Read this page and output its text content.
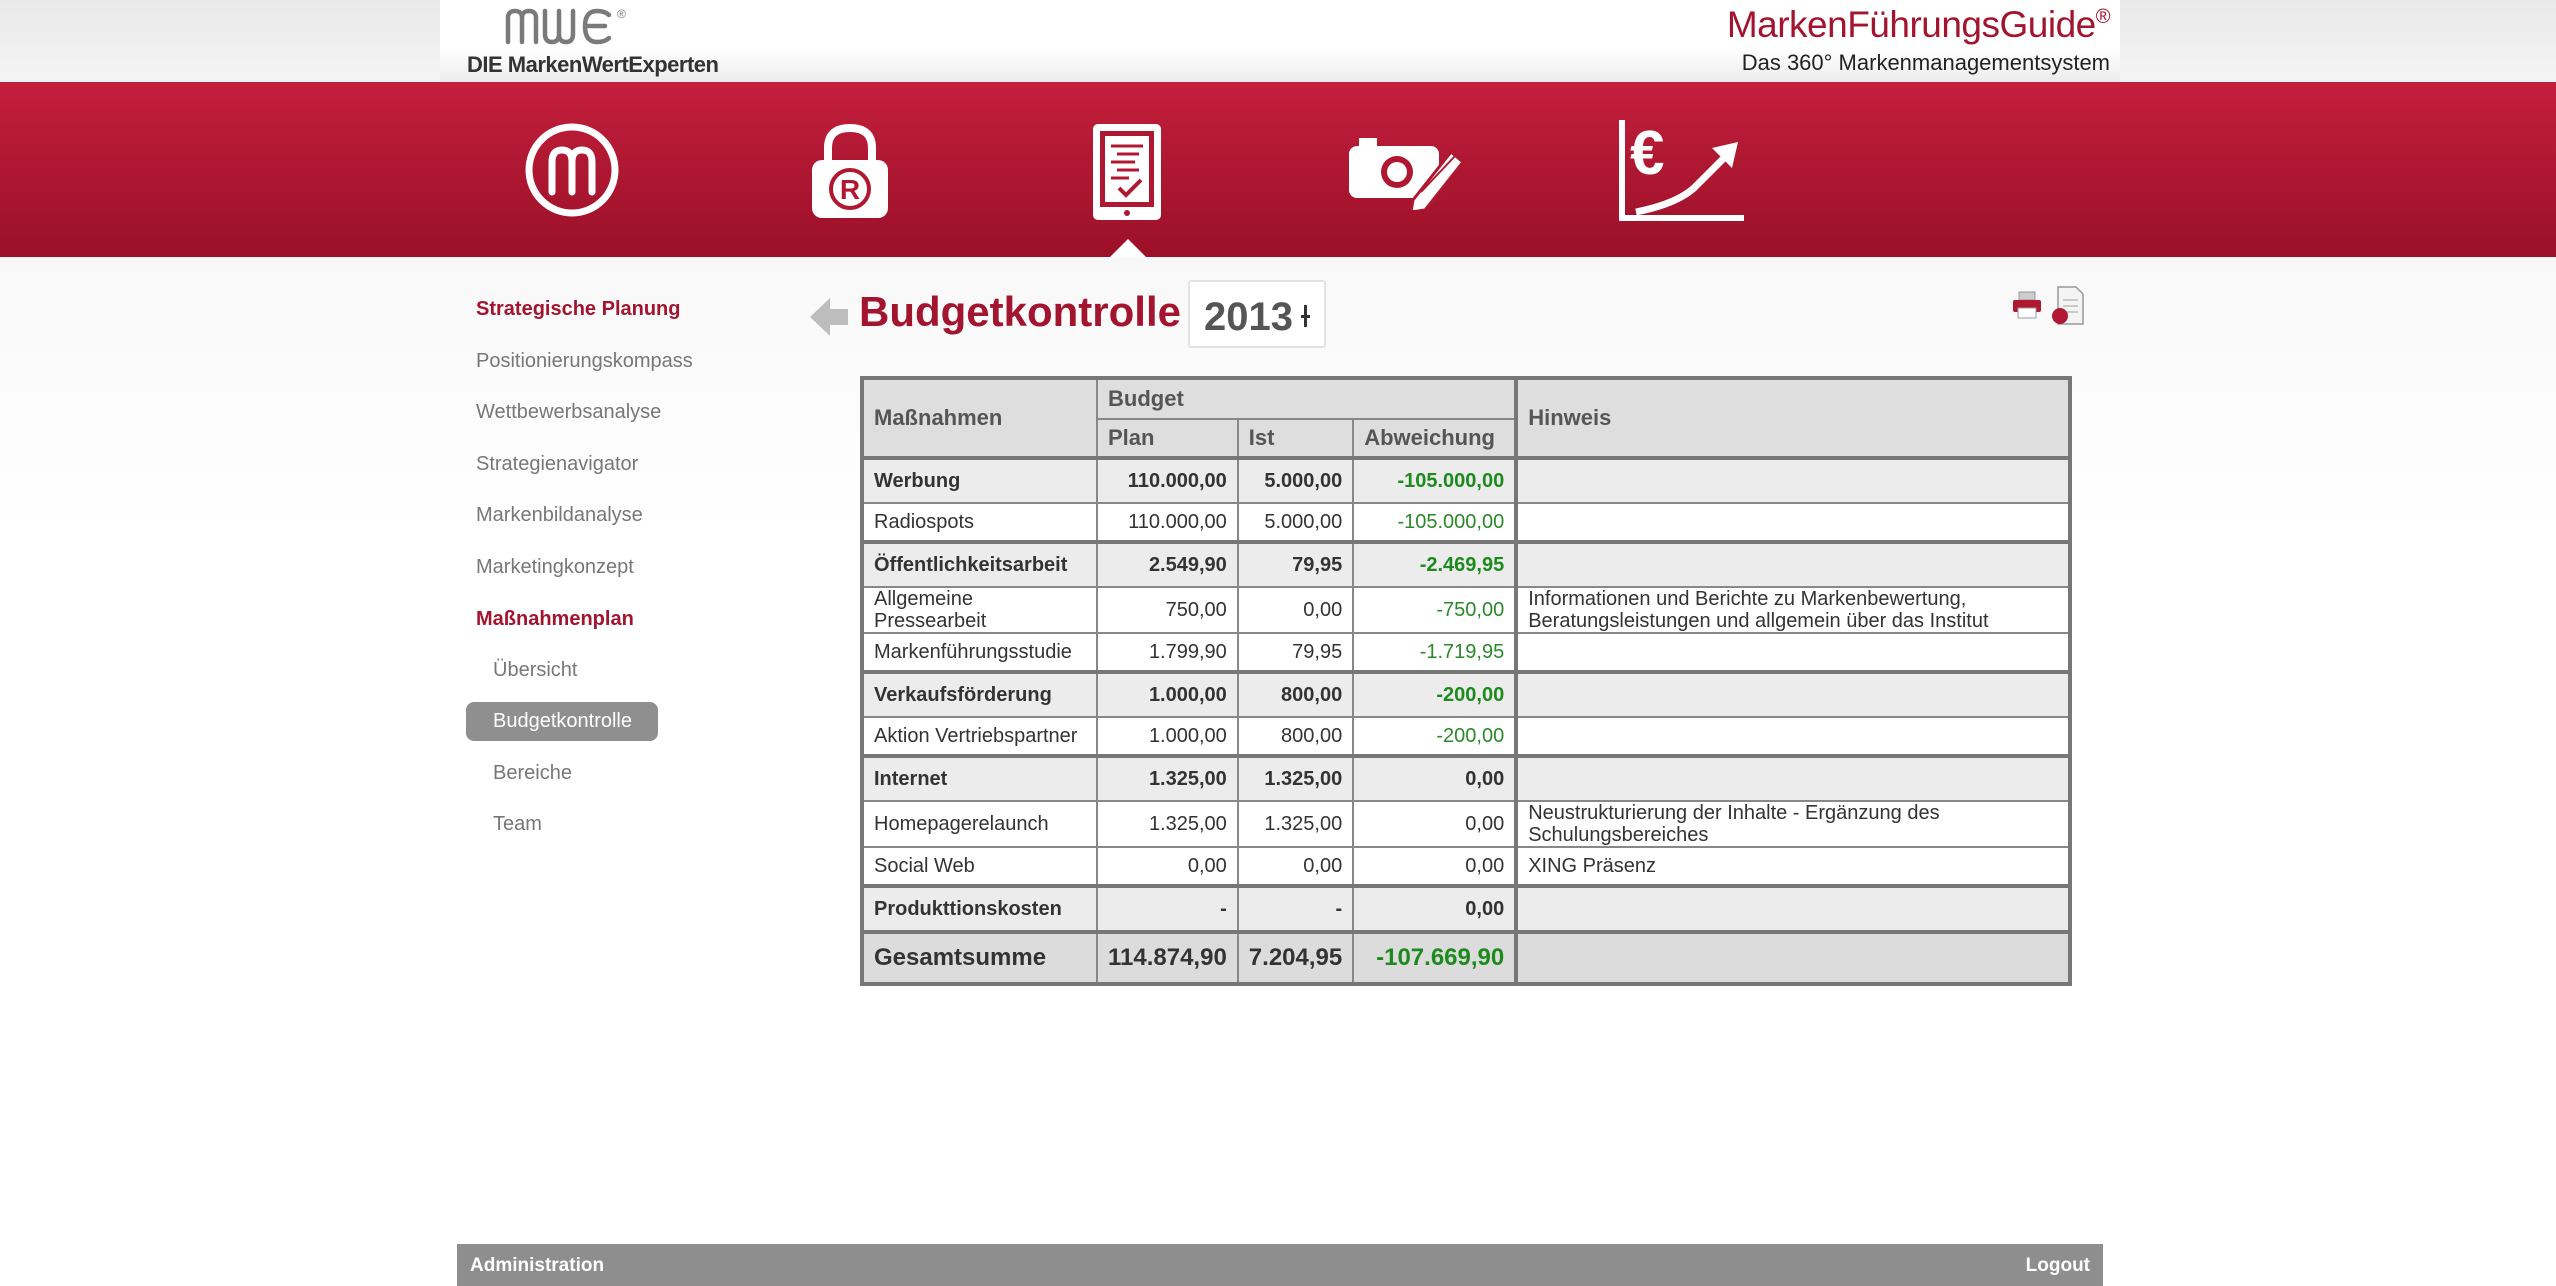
®
DIE MarkenWertExperten
MarkenFührungsGuide®
Das 360° Markenmanagementsystem
R
€
Strategische Planung
Positionierungskompass
Wettbewerbsanalyse
Strategienavigator
Markenbildanalyse
Marketingkonzept
Maßnahmenplan
Übersicht
Budgetkontrolle
Bereiche
Team
Budgetkontrolle 2013
Maßnahmen	Budget			Hinweis
	Plan	Ist	Abweichung	
Werbung	110.000,00	5.000,00	-105.000,00	
Radiospots	110.000,00	5.000,00	-105.000,00	
Öffentlichkeitsarbeit	2.549,90	79,95	-2.469,95	
Allgemeine Pressearbeit	750,00	0,00	-750,00	Informationen und Berichte zu Markenbewertung, Beratungsleistungen und allgemein über das Institut
Markenführungsstudie	1.799,90	79,95	-1.719,95	
Verkaufsförderung	1.000,00	800,00	-200,00	
Aktion Vertriebspartner	1.000,00	800,00	-200,00	
Internet	1.325,00	1.325,00	0,00	
Homepagerelaunch	1.325,00	1.325,00	0,00	Neustrukturierung der Inhalte - Ergänzung des Schulungsbereiches
Social Web	0,00	0,00	0,00	XING Präsenz
Produkttionskosten	-	-	0,00	
Gesamtsumme	114.874,90	7.204,95	-107.669,90	
Administration	Logout
